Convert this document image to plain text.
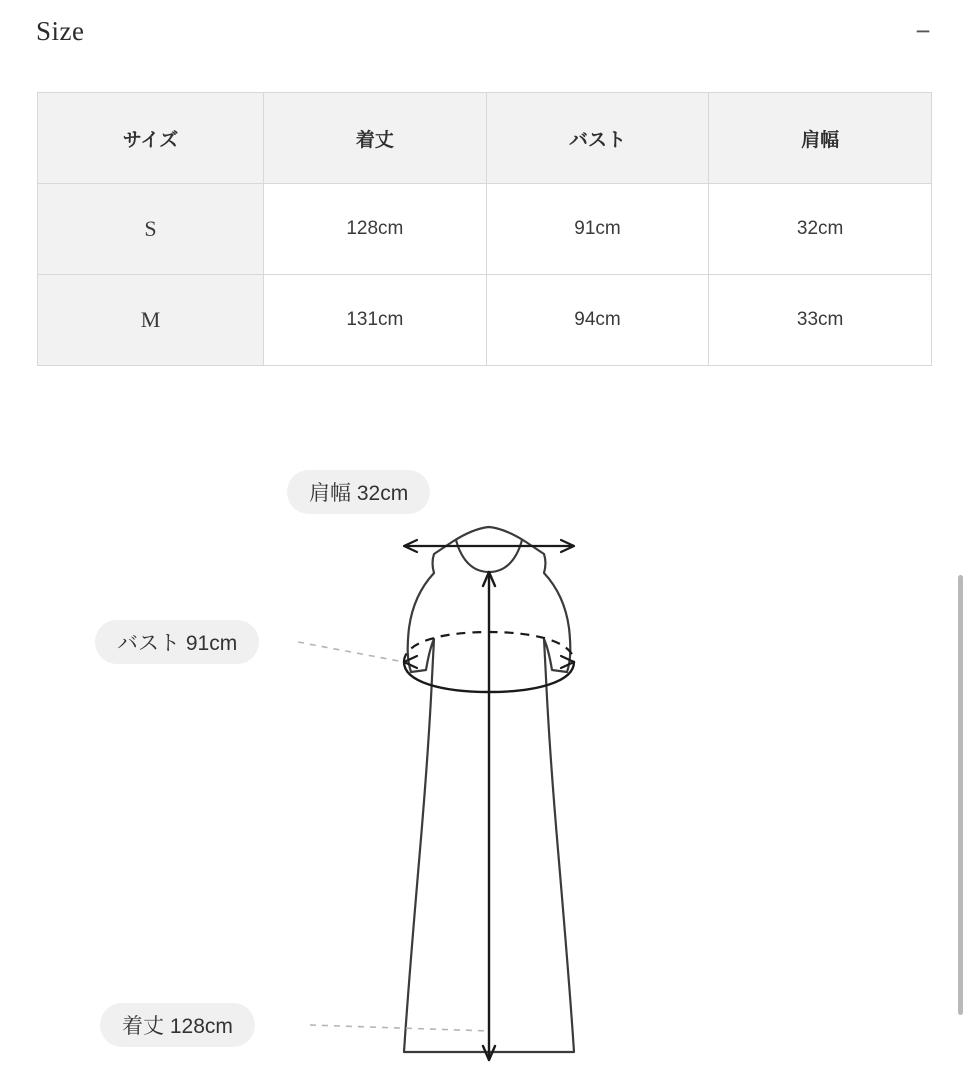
Size	−
サイズ	着丈	バスト	肩幅
S	128cm	91cm	32cm
M	131cm	94cm	33cm
肩幅 32cm
バスト 91cm
着丈 128cm
